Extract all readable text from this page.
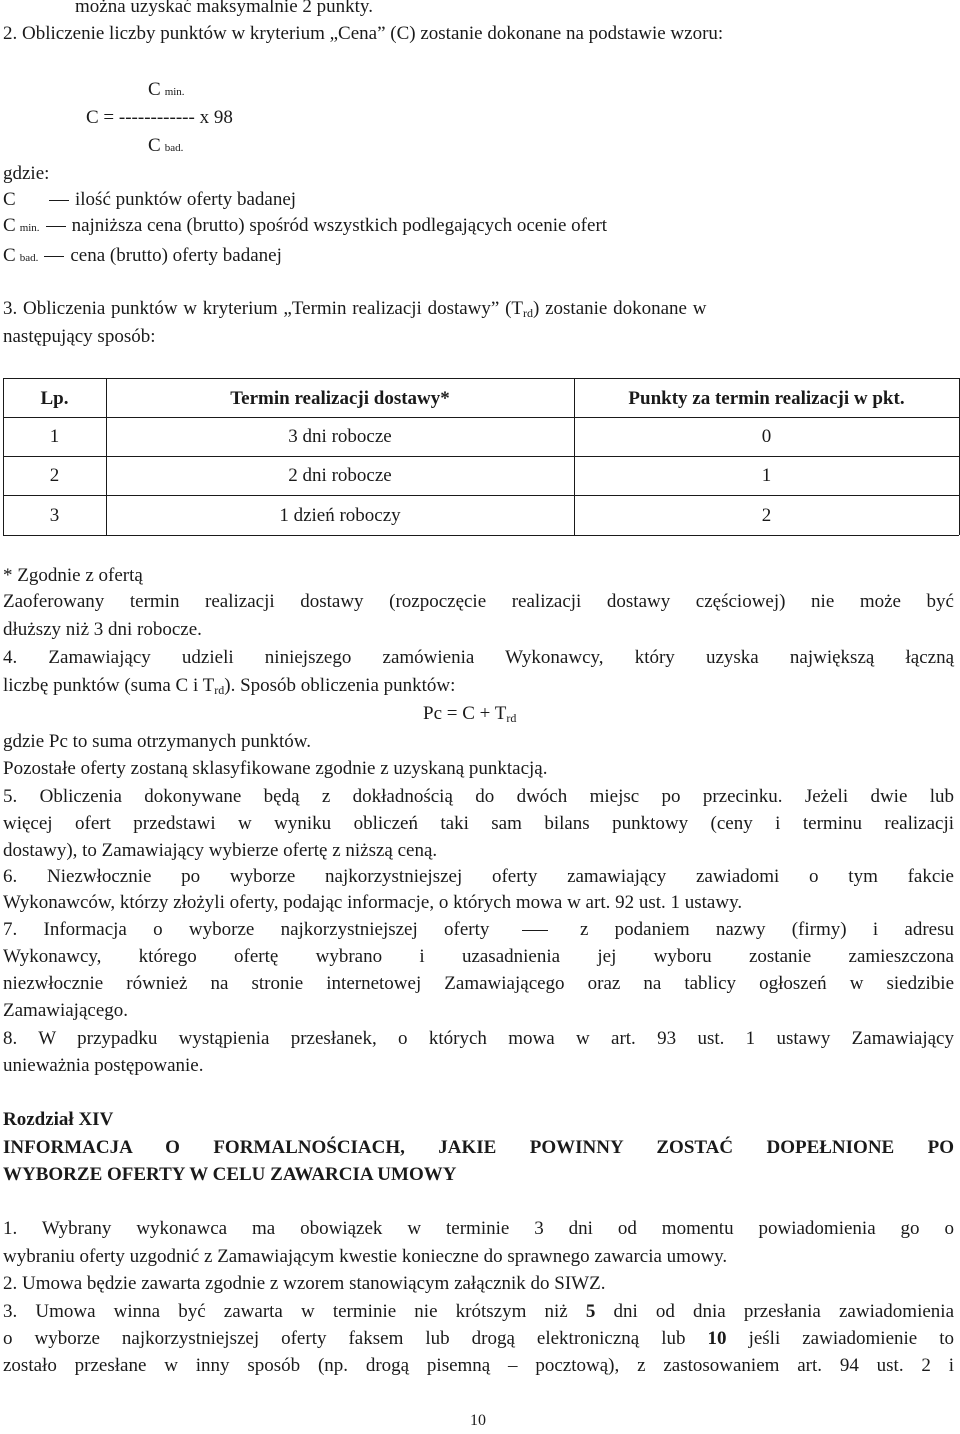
można uzyskać maksymalnie 2 punkty.
2. Obliczenie liczby punktów w kryterium „Cena” (C) zostanie dokonane na podstawie wzoru:
Cmin.
C = ------------ x 98
Cbad.
gdzie:
C	ilość punktów oferty badanej
Cmin. najniższa cena (brutto) spośród wszystkich podlegających ocenie ofert
Cbad. cena (brutto) oferty badanej
3. Obliczenia punktów w kryterium „Termin realizacji dostawy” (Trd) zostanie dokonane w
następujący sposób:
Lp.	Termin realizacji dostawy*	Punkty za termin realizacji w pkt.
1	3 dni robocze	0
2	2 dni robocze	1
3	1 dzień roboczy	2
* Zgodnie z ofertą
Zaoferowany termin realizacji dostawy (rozpoczęcie realizacji dostawy częściowej) nie może być
dłuższy niż 3 dni robocze.
4. Zamawiający udzieli niniejszego zamówienia Wykonawcy, który uzyska największą łączną
liczbę punktów (suma C i Trd). Sposób obliczenia punktów:
Pc = C + Trd
gdzie Pc to suma otrzymanych punktów.
Pozostałe oferty zostaną sklasyfikowane zgodnie z uzyskaną punktacją.
5. Obliczenia dokonywane będą z dokładnością do dwóch miejsc po przecinku. Jeżeli dwie lub
więcej ofert przedstawi w wyniku obliczeń taki sam bilans punktowy (ceny i terminu realizacji
dostawy), to Zamawiający wybierze ofertę z niższą ceną.
6. Niezwłocznie po wyborze najkorzystniejszej oferty zamawiający zawiadomi o tym fakcie
Wykonawców, którzy złożyli oferty, podając informacje, o których mowa w art. 92 ust. 1 ustawy.
7. Informacja o wyborze najkorzystniejszej oferty	z podaniem nazwy (firmy) i adresu
Wykonawcy, którego ofertę wybrano i uzasadnienia jej wyboru zostanie zamieszczona
niezwłocznie również na stronie internetowej Zamawiającego oraz na tablicy ogłoszeń w siedzibie
Zamawiającego.
8. W przypadku wystąpienia przesłanek, o których mowa w art. 93 ust. 1 ustawy Zamawiający
unieważnia postępowanie.
Rozdział XIV
INFORMACJA O FORMALNOŚCIACH, JAKIE POWINNY ZOSTAĆ DOPEŁNIONE PO
WYBORZE OFERTY W CELU ZAWARCIA UMOWY
1. Wybrany wykonawca ma obowiązek w terminie 3 dni od momentu powiadomienia go o
wybraniu oferty uzgodnić z Zamawiającym kwestie konieczne do sprawnego zawarcia umowy.
2. Umowa będzie zawarta zgodnie z wzorem stanowiącym załącznik do SIWZ.
3. Umowa winna być zawarta w terminie nie krótszym niż 5 dni od dnia przesłania zawiadomienia
o wyborze najkorzystniejszej oferty faksem lub drogą elektroniczną lub 10 jeśli zawiadomienie to
zostało przesłane w inny sposób (np. drogą pisemną – pocztową), z zastosowaniem art. 94 ust. 2 i
10
